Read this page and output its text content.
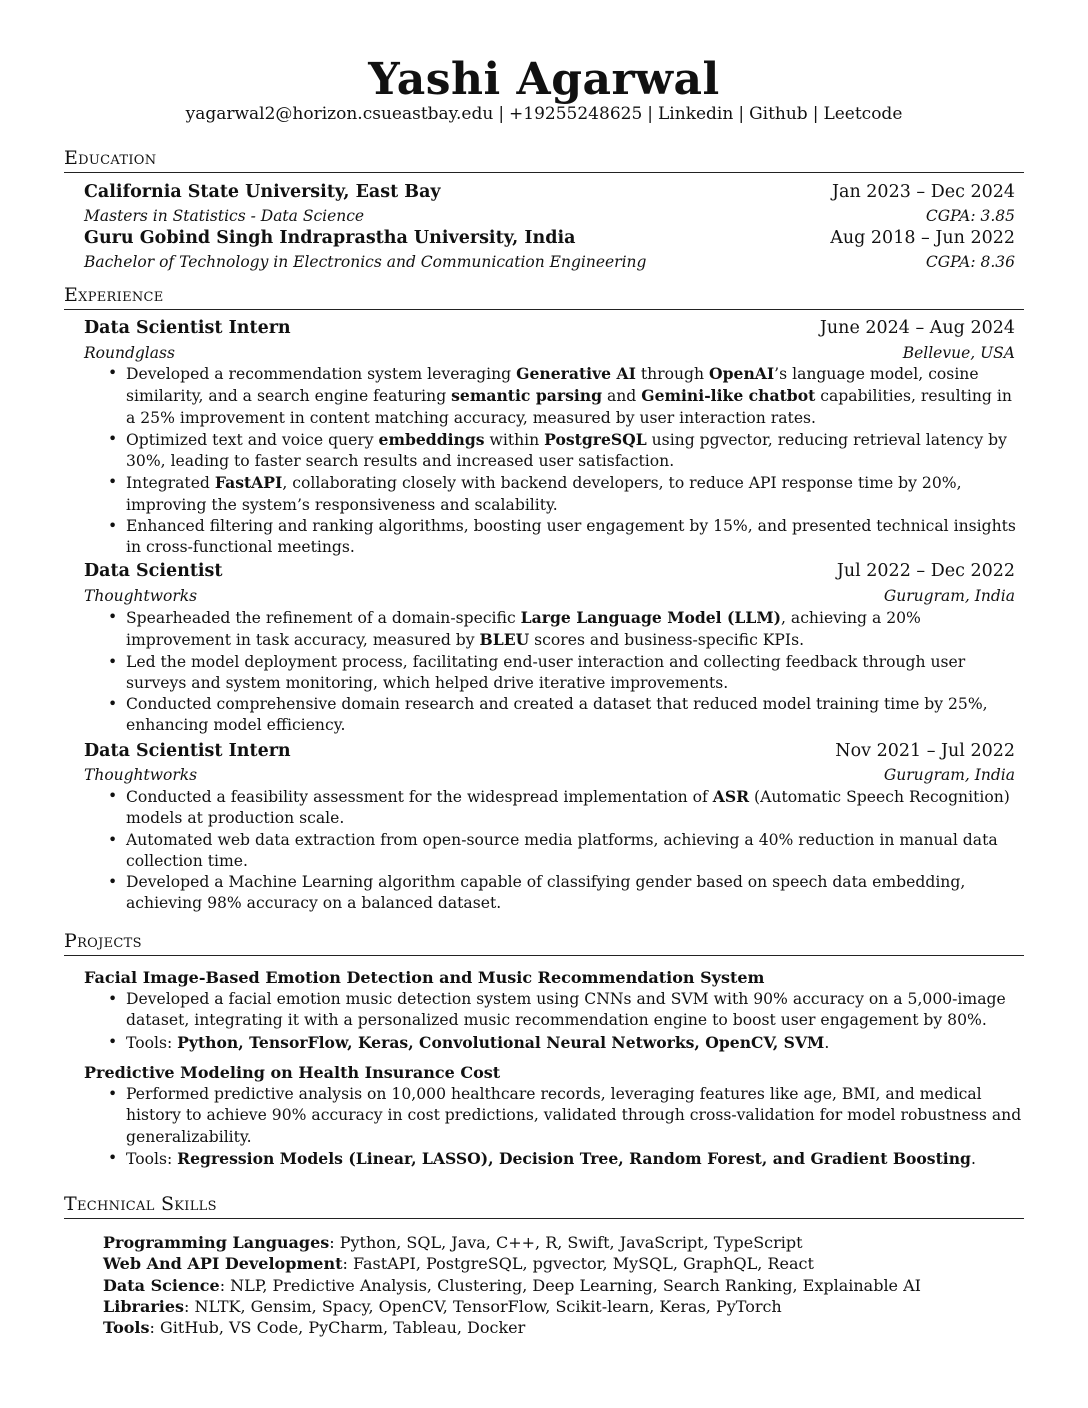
Yashi Agarwal
yagarwal2@horizon.csueastbay.edu | +19255248625 | Linkedin | Github | Leetcode
Education
California State University, East Bay	Jan 2023 – Dec 2024
Masters in Statistics - Data Science	CGPA: 3.85
Guru Gobind Singh Indraprastha University, India	Aug 2018 – Jun 2022
Bachelor of Technology in Electronics and Communication Engineering	CGPA: 8.36
Experience
Data Scientist Intern	June 2024 – Aug 2024
Roundglass	Bellevue, USA
• Developed a recommendation system leveraging Generative AI through OpenAI’s language model, cosine similarity, and a search engine featuring semantic parsing and Gemini-like chatbot capabilities, resulting in a 25% improvement in content matching accuracy, measured by user interaction rates.
• Optimized text and voice query embeddings within PostgreSQL using pgvector, reducing retrieval latency by 30%, leading to faster search results and increased user satisfaction.
• Integrated FastAPI, collaborating closely with backend developers, to reduce API response time by 20%, improving the system’s responsiveness and scalability.
• Enhanced filtering and ranking algorithms, boosting user engagement by 15%, and presented technical insights in cross-functional meetings.
Data Scientist	Jul 2022 – Dec 2022
Thoughtworks	Gurugram, India
• Spearheaded the refinement of a domain-specific Large Language Model (LLM), achieving a 20% improvement in task accuracy, measured by BLEU scores and business-specific KPIs.
• Led the model deployment process, facilitating end-user interaction and collecting feedback through user surveys and system monitoring, which helped drive iterative improvements.
• Conducted comprehensive domain research and created a dataset that reduced model training time by 25%, enhancing model efficiency.
Data Scientist Intern	Nov 2021 – Jul 2022
Thoughtworks	Gurugram, India
• Conducted a feasibility assessment for the widespread implementation of ASR (Automatic Speech Recognition) models at production scale.
• Automated web data extraction from open-source media platforms, achieving a 40% reduction in manual data collection time.
• Developed a Machine Learning algorithm capable of classifying gender based on speech data embedding, achieving 98% accuracy on a balanced dataset.
Projects
Facial Image-Based Emotion Detection and Music Recommendation System
• Developed a facial emotion music detection system using CNNs and SVM with 90% accuracy on a 5,000-image dataset, integrating it with a personalized music recommendation engine to boost user engagement by 80%.
• Tools: Python, TensorFlow, Keras, Convolutional Neural Networks, OpenCV, SVM.
Predictive Modeling on Health Insurance Cost
• Performed predictive analysis on 10,000 healthcare records, leveraging features like age, BMI, and medical history to achieve 90% accuracy in cost predictions, validated through cross-validation for model robustness and generalizability.
• Tools: Regression Models (Linear, LASSO), Decision Tree, Random Forest, and Gradient Boosting.
Technical Skills
Programming Languages: Python, SQL, Java, C++, R, Swift, JavaScript, TypeScript
Web And API Development: FastAPI, PostgreSQL, pgvector, MySQL, GraphQL, React
Data Science: NLP, Predictive Analysis, Clustering, Deep Learning, Search Ranking, Explainable AI
Libraries: NLTK, Gensim, Spacy, OpenCV, TensorFlow, Scikit-learn, Keras, PyTorch
Tools: GitHub, VS Code, PyCharm, Tableau, Docker
